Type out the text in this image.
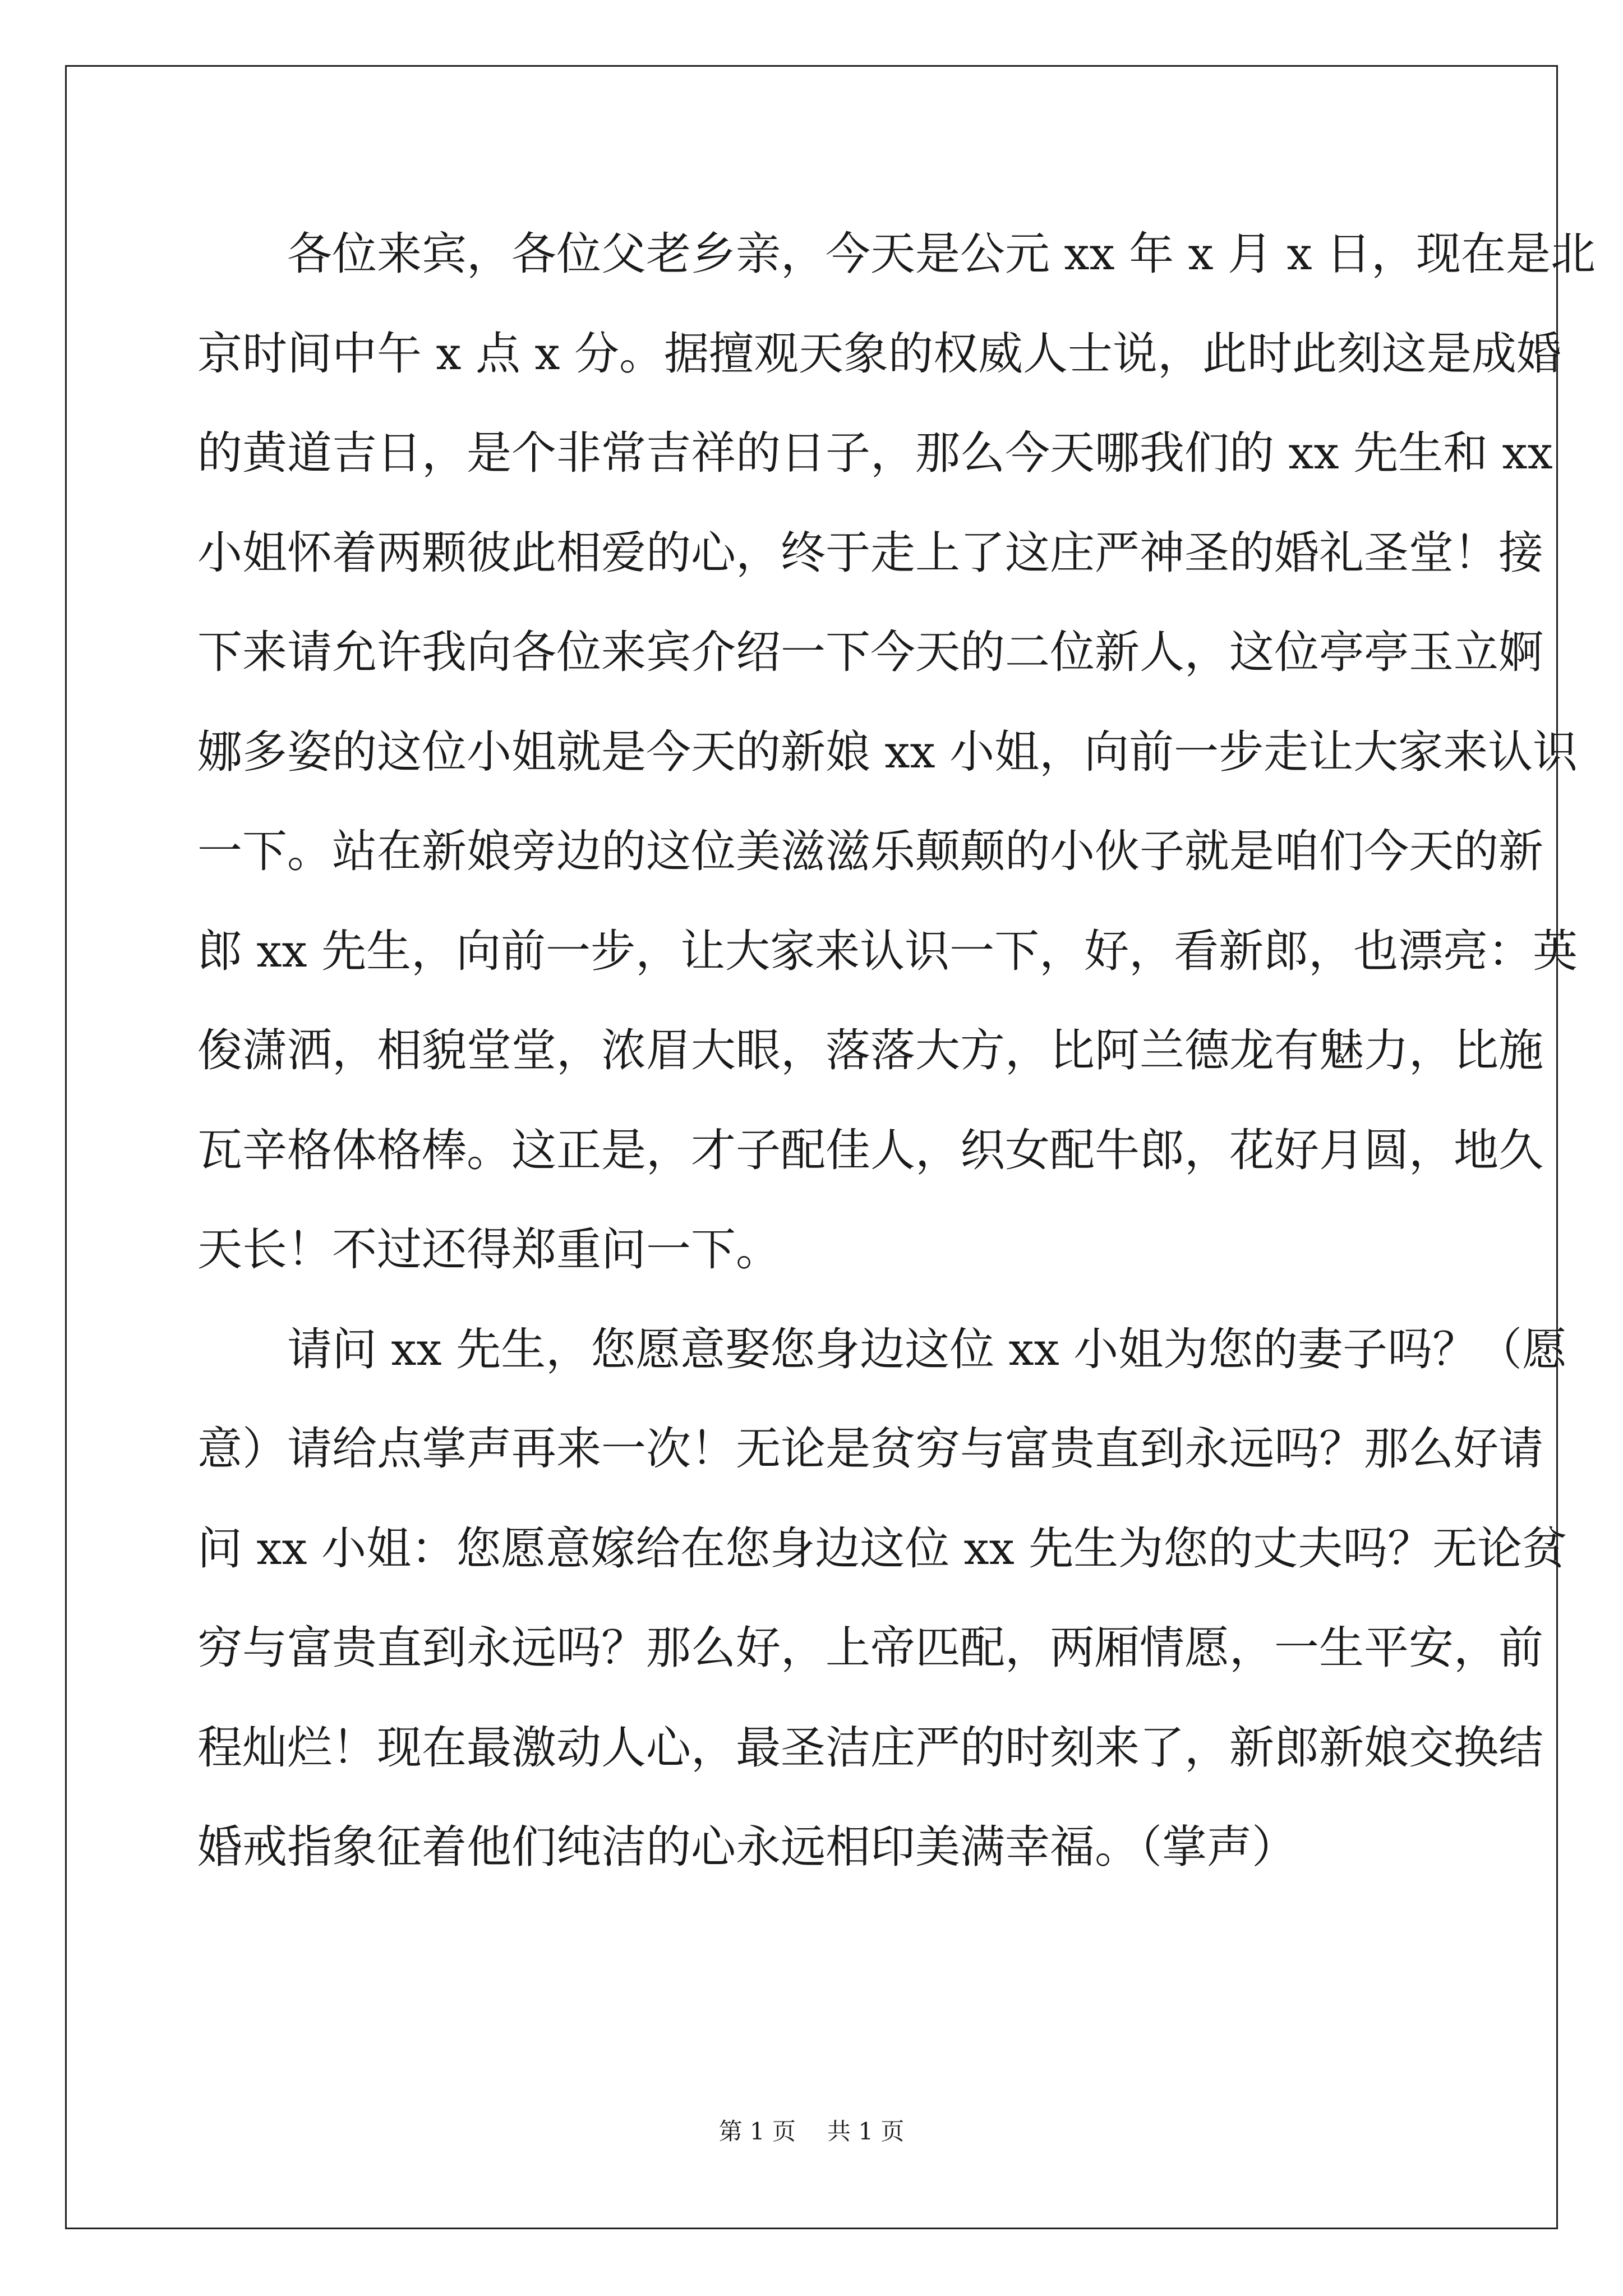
各位来宾，各位父老乡亲，今天是公元 xx 年 x 月 x 日，现在是北
京时间中午 x 点 x 分。据擅观天象的权威人士说，此时此刻这是成婚
的黄道吉日，是个非常吉祥的日子，那么今天哪我们的 xx 先生和 xx
小姐怀着两颗彼此相爱的心，终于走上了这庄严神圣的婚礼圣堂！接
下来请允许我向各位来宾介绍一下今天的二位新人，这位亭亭玉立婀
娜多姿的这位小姐就是今天的新娘 xx 小姐，向前一步走让大家来认识
一下。站在新娘旁边的这位美滋滋乐颠颠的小伙子就是咱们今天的新
郎 xx 先生，向前一步，让大家来认识一下，好，看新郎，也漂亮：英
俊潇洒，相貌堂堂，浓眉大眼，落落大方，比阿兰德龙有魅力，比施
瓦辛格体格棒。这正是，才子配佳人，织女配牛郎，花好月圆，地久
天长！不过还得郑重问一下。
请问 xx 先生，您愿意娶您身边这位 xx 小姐为您的妻子吗？（愿
意）请给点掌声再来一次！无论是贫穷与富贵直到永远吗？那么好请
问 xx 小姐：您愿意嫁给在您身边这位 xx 先生为您的丈夫吗？无论贫
穷与富贵直到永远吗？那么好，上帝匹配，两厢情愿，一生平安，前
程灿烂！现在最激动人心，最圣洁庄严的时刻来了，新郎新娘交换结
婚戒指象征着他们纯洁的心永远相印美满幸福。（掌声）
第 1 页 共 1 页
